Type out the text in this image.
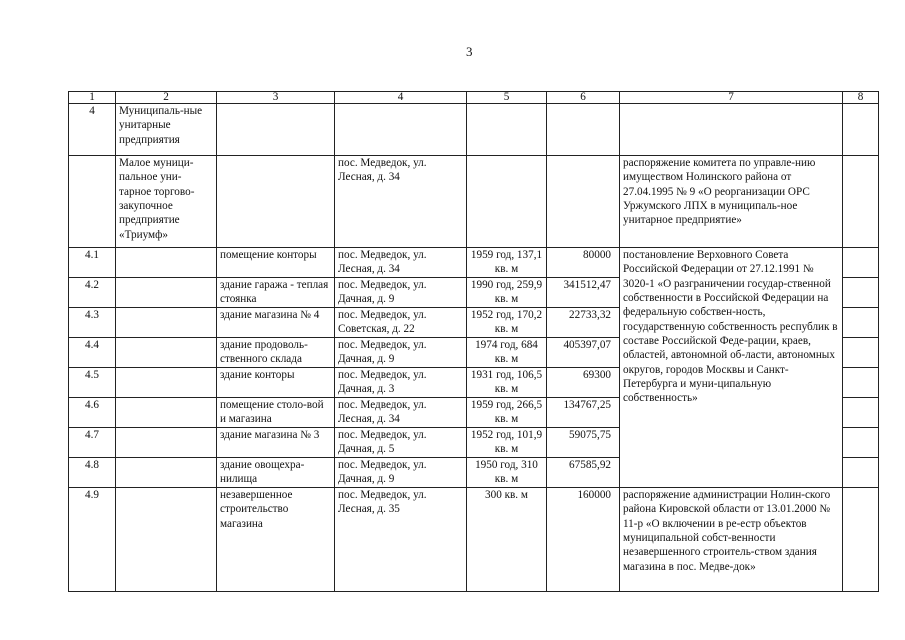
3
1	2	3	4	5	6	7	8
4	Муниципаль-ные унитарные предприятия						
	Малое муници-пальное уни-тарное торгово-закупочное предприятие «Триумф»		пос. Медведок, ул. Лесная, д. 34			распоряжение комитета по управле-нию имуществом Нолинского района от 27.04.1995 № 9 «О реорганизации ОРС Уржумского ЛПХ в муниципаль-ное унитарное предприятие»	
4.1		помещение конторы	пос. Медведок, ул. Лесная, д. 34	1959 год, 137,1 кв. м	80000	постановление Верховного Совета Российской Федерации от 27.12.1991 № 3020-1 «О разграничении государ-ственной собственности в Российской Федерации на федеральную собствен-ность, государственную собственность республик в составе Российской Феде-рации, краев, областей, автономной об-ласти, автономных округов, городов Москвы и Санкт- Петербурга и муни-ципальную собственность»	
4.2		здание гаража - теплая стоянка	пос. Медведок, ул. Дачная, д. 9	1990 год, 259,9 кв. м	341512,47		
4.3		здание магазина № 4	пос. Медведок, ул. Советская, д. 22	1952 год, 170,2 кв. м	22733,32		
4.4		здание продоволь-ственного склада	пос. Медведок, ул. Дачная, д. 9	1974 год, 684 кв. м	405397,07		
4.5		здание конторы	пос. Медведок, ул. Дачная, д. 3	1931 год, 106,5 кв. м	69300		
4.6		помещение столо-вой и магазина	пос. Медведок, ул. Лесная, д. 34	1959 год, 266,5 кв. м	134767,25		
4.7		здание магазина № 3	пос. Медведок, ул. Дачная, д. 5	1952 год, 101,9 кв. м	59075,75		
4.8		здание овощехра-нилища	пос. Медведок, ул. Дачная, д. 9	1950 год, 310 кв. м	67585,92		
4.9		незавершенное строительство магазина	пос. Медведок, ул. Лесная, д. 35	300 кв. м	160000	распоряжение администрации Нолин-ского района Кировской области от 13.01.2000 № 11-р «О включении в ре-естр объектов муниципальной собст-венности незавершенного строитель-ством здания магазина в пос. Медве-док»	
